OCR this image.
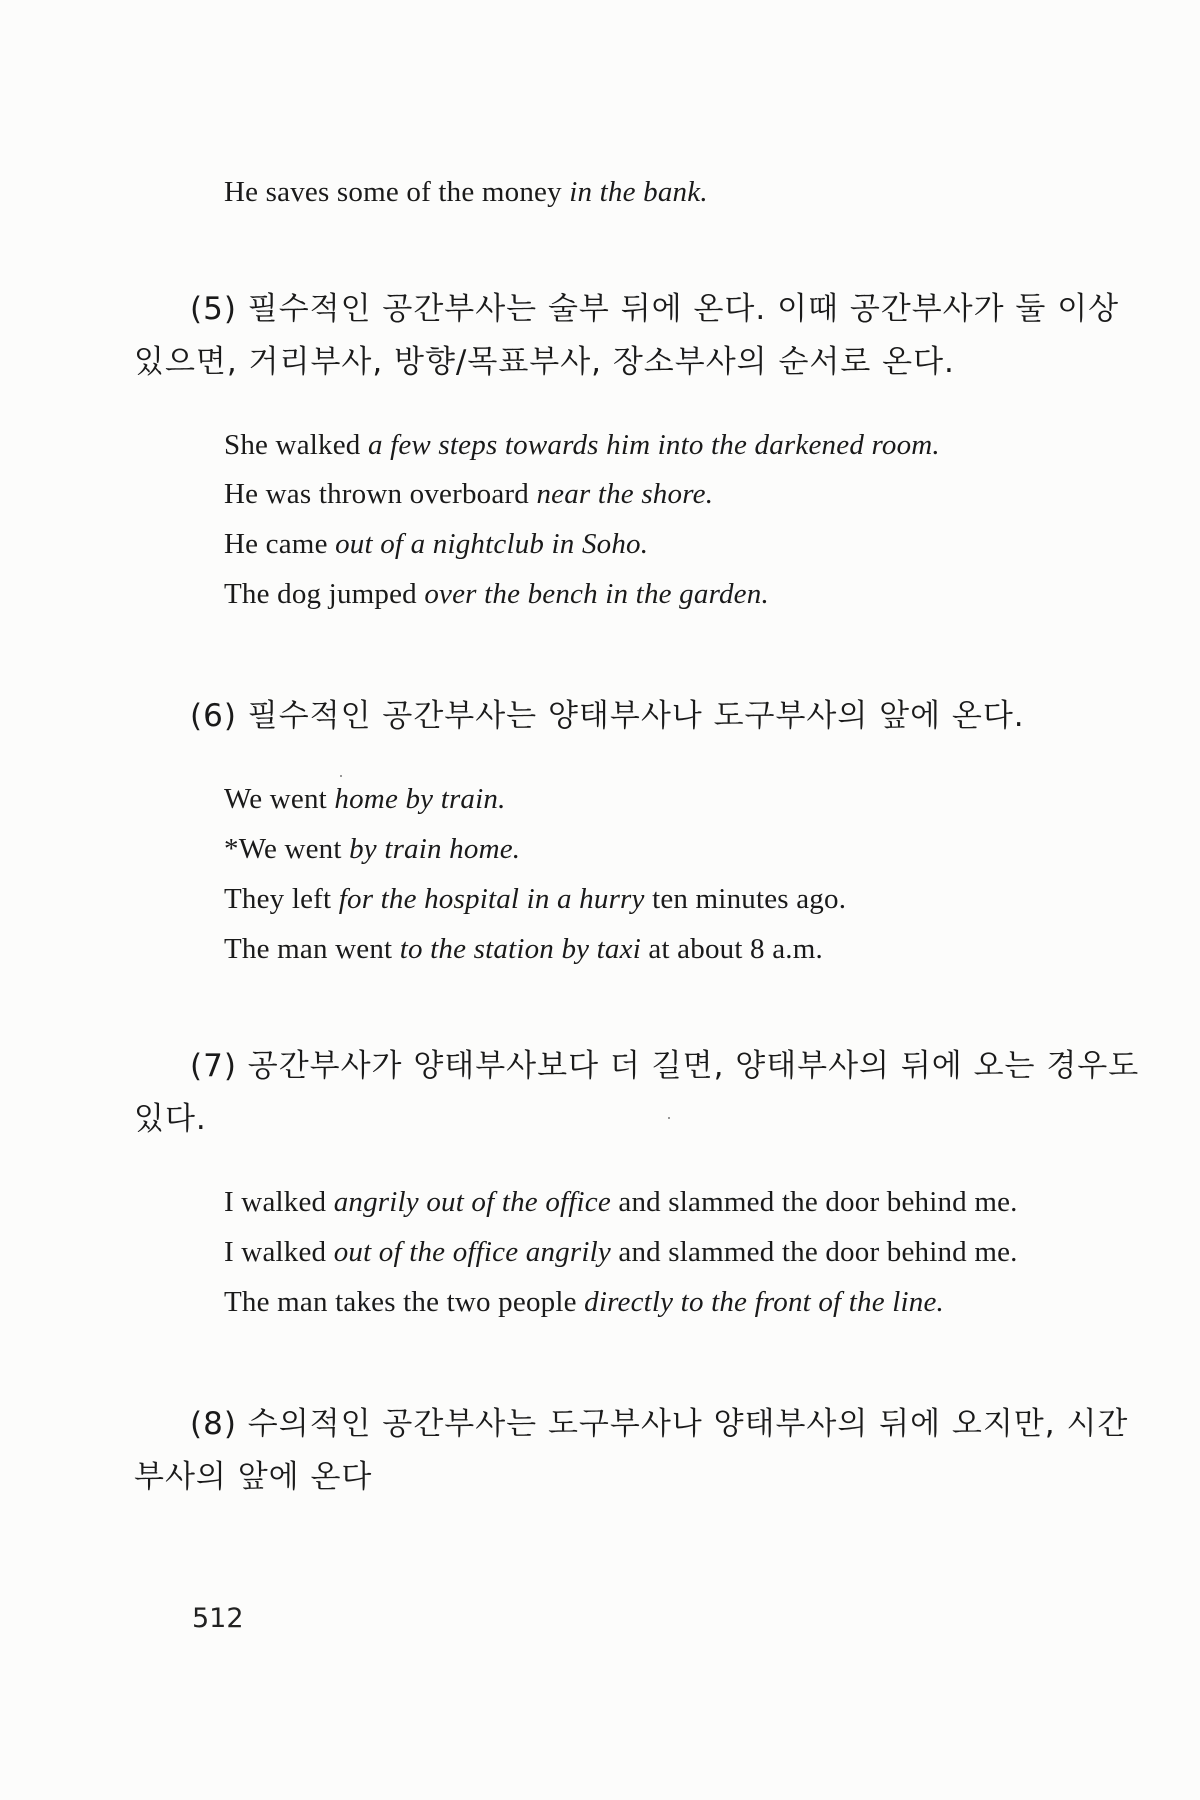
He saves some of the money in the bank.
(5) 필수적인 공간부사는 술부 뒤에 온다. 이때 공간부사가 둘 이상
있으면, 거리부사, 방향/목표부사, 장소부사의 순서로 온다.
She walked a few steps towards him into the darkened room.
He was thrown overboard near the shore.
He came out of a nightclub in Soho.
The dog jumped over the bench in the garden.
(6) 필수적인 공간부사는 양태부사나 도구부사의 앞에 온다.
We went home by train.
*We went by train home.
They left for the hospital in a hurry ten minutes ago.
The man went to the station by taxi at about 8 a.m.
(7) 공간부사가 양태부사보다 더 길면, 양태부사의 뒤에 오는 경우도
있다.
I walked angrily out of the office and slammed the door behind me.
I walked out of the office angrily and slammed the door behind me.
The man takes the two people directly to the front of the line.
(8) 수의적인 공간부사는 도구부사나 양태부사의 뒤에 오지만, 시간
부사의 앞에 온다
512
